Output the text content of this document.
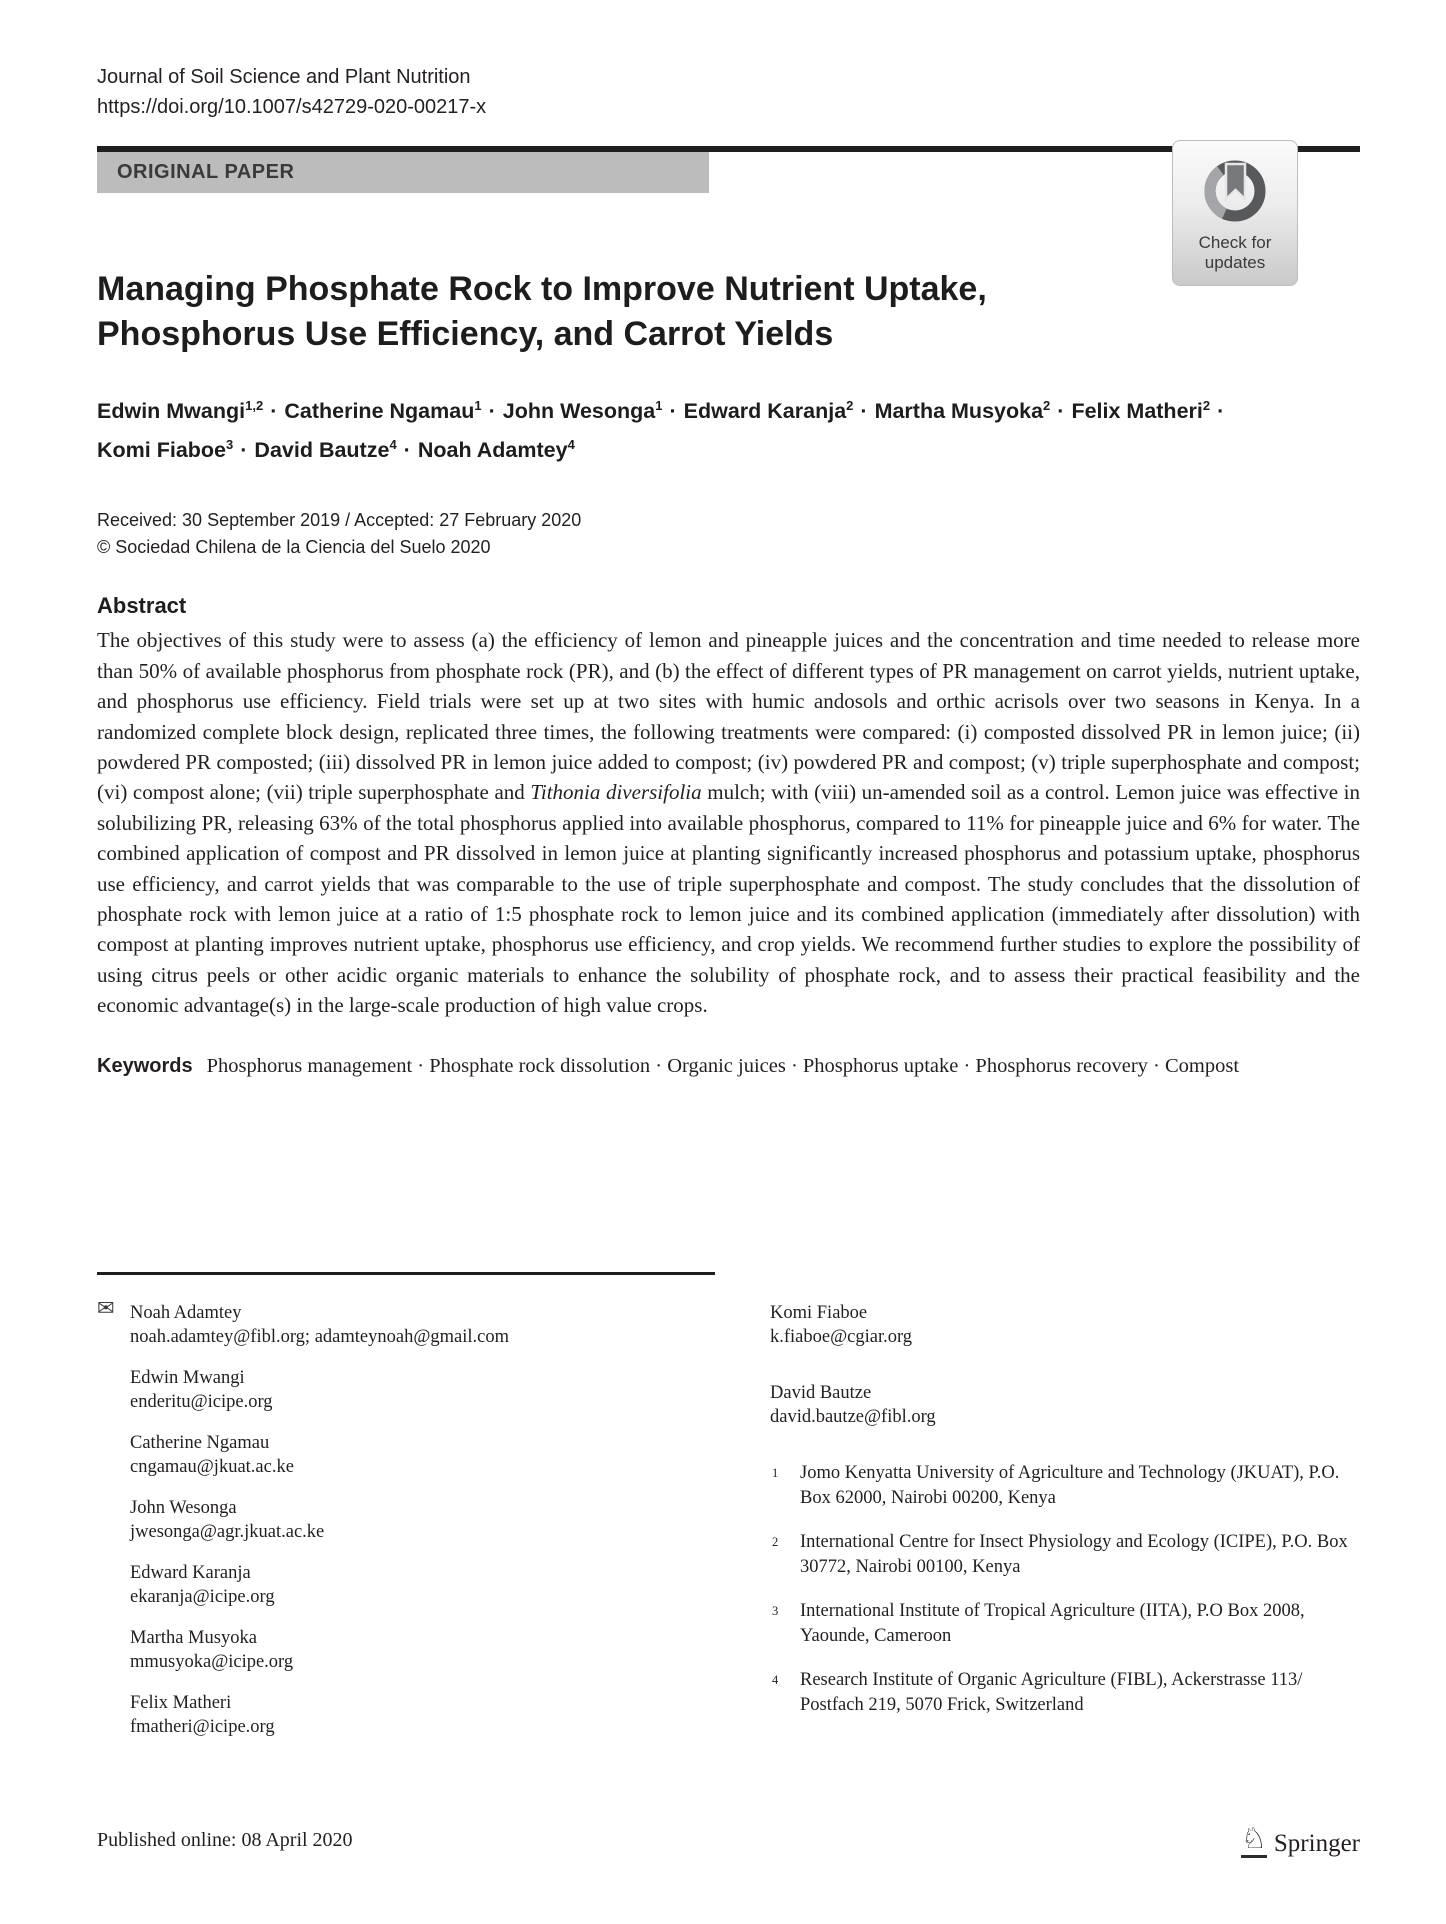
Journal of Soil Science and Plant Nutrition
https://doi.org/10.1007/s42729-020-00217-x
ORIGINAL PAPER
Managing Phosphate Rock to Improve Nutrient Uptake, Phosphorus Use Efficiency, and Carrot Yields
Edwin Mwangi$^{1,2}$ · Catherine Ngamau$^1$ · John Wesonga$^1$ · Edward Karanja$^2$ · Martha Musyoka$^2$ · Felix Matheri$^2$ ·Komi Fiaboe$^3$ · David Bautze$^4$ · Noah Adamtey$^4$
Received: 30 September 2019 / Accepted: 27 February 2020
© Sociedad Chilena de la Ciencia del Suelo 2020
Abstract

The objectives of this study were to assess (a) the efficiency of lemon and pineapple juices and the concentration and time needed to release more than 50% of available phosphorus from phosphate rock (PR), and (b) the effect of different types of PR management on carrot yields, nutrient uptake, and phosphorus use efficiency. Field trials were set up at two sites with humic andosols and orthic acrisols over two seasons in Kenya. In a randomized complete block design, replicated three times, the following treatments were compared: (i) composted dissolved PR in lemon juice; (ii) powdered PR composted; (iii) dissolved PR in lemon juice added to compost; (iv) powdered PR and compost; (v) triple superphosphate and compost; (vi) compost alone; (vii) triple superphosphate and Tithonia diversifolia mulch; with (viii) un-amended soil as a control. Lemon juice was effective in solubilizing PR, releasing 63% of the total phosphorus applied into available phosphorus, compared to 11% for pineapple juice and 6% for water. The combined application of compost and PR dissolved in lemon juice at planting significantly increased phosphorus and potassium uptake, phosphorus use efficiency, and carrot yields that was comparable to the use of triple superphosphate and compost. The study concludes that the dissolution of phosphate rock with lemon juice at a ratio of 1:5 phosphate rock to lemon juice and its combined application (immediately after dissolution) with compost at planting improves nutrient uptake, phosphorus use efficiency, and crop yields. We recommend further studies to explore the possibility of using citrus peels or other acidic organic materials to enhance the solubility of phosphate rock, and to assess their practical feasibility and the economic advantage(s) in the large-scale production of high value crops.

Keywords Phosphorus management · Phosphate rock dissolution · Organic juices · Phosphorus uptake · Phosphorus recovery · Compost

Check for
updates
✉ Noah Adamtey
noah.adamtey@fibl.org; adamteynoah@gmail.com
Edwin Mwangi
enderitu@icipe.org
Catherine Ngamau
cngamau@jkuat.ac.ke
John Wesonga
jwesonga@agr.jkuat.ac.ke
Edward Karanja
ekaranja@icipe.org
Martha Musyoka
mmusyoka@icipe.org
Felix Matheri
fmatheri@icipe.org
Komi Fiaboe
k.fiaboe@cgiar.org
David Bautze
david.bautze@fibl.org
1 Jomo Kenyatta University of Agriculture and Technology (JKUAT), P.O. Box 62000, Nairobi 00200, Kenya
2 International Centre for Insect Physiology and Ecology (ICIPE), P.O. Box 30772, Nairobi 00100, Kenya
3 International Institute of Tropical Agriculture (IITA), P.O Box 2008, Yaounde, Cameroon
4 Research Institute of Organic Agriculture (FIBL), Ackerstrasse 113/ Postfach 219, 5070 Frick, Switzerland
Published online: 08 April 2020	♘ Springer
